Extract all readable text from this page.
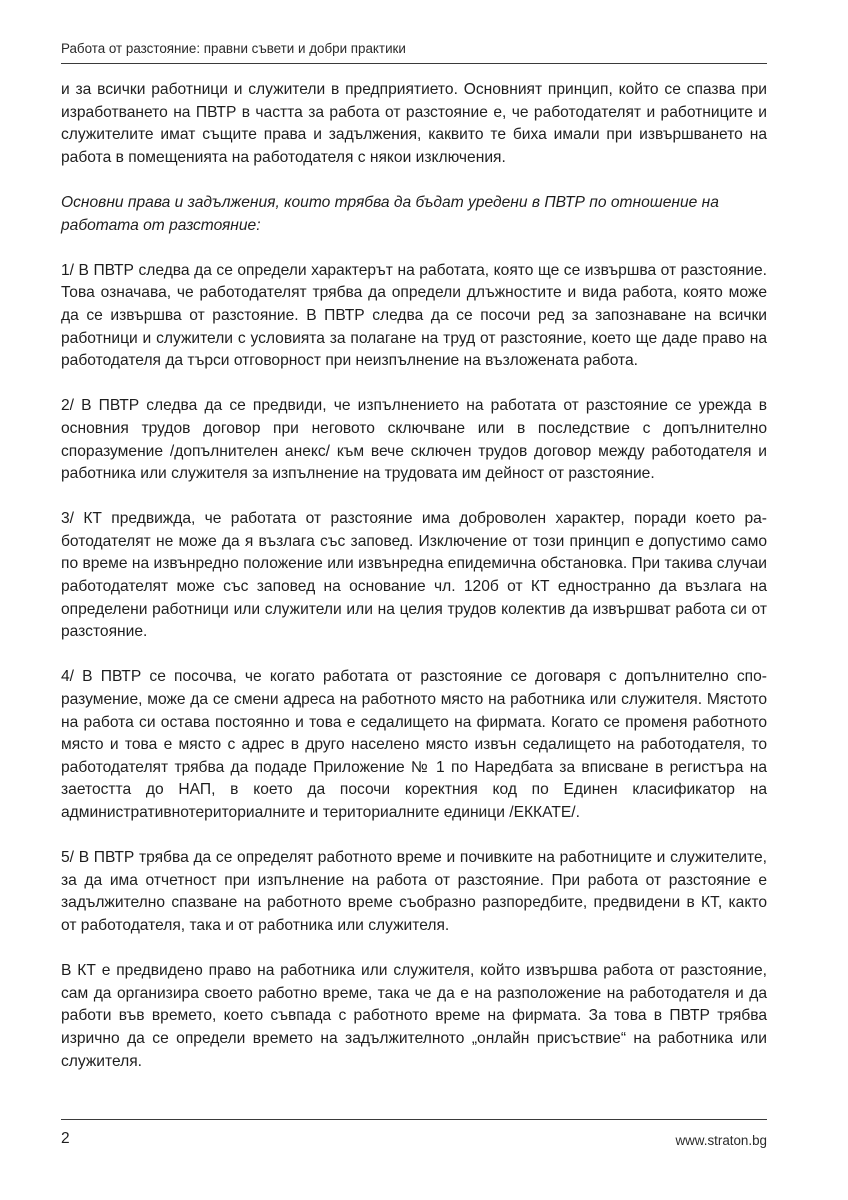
Работа от разстояние: правни съвети и добри практики

и за всички работници и служители в предприятието. Основният принцип, който се спазва при изработването на ПВТР в частта за работа от разстояние е, че работодателят и работниците и служителите имат същите права и задължения, каквито те биха имали при извършването на работа в помещенията на работодателя с някои изключения.

Основни права и задължения, които трябва да бъдат уредени в ПВТР по отношение на работата от разстояние:

1/ В ПВТР следва да се определи характерът на работата, която ще се извършва от разстояние. Това означава, че работодателят трябва да определи длъжностите и вида работа, която може да се извършва от разстояние. В ПВТР следва да се посочи ред за запознаване на всички работници и служители с условията за полагане на труд от разстояние, което ще даде право на работодателя да търси отговорност при неизпълнение на възложената работа.

2/ В ПВТР следва да се предвиди, че изпълнението на работата от разстояние се урежда в основния трудов договор при неговото сключване или в последствие с допълнително споразумение /допълнителен анекс/ към вече сключен трудов договор между работодателя и работника или служителя за изпълнение на трудовата им дейност от разстояние.

3/ КТ предвижда, че работата от разстояние има доброволен характер, поради което работодателят не може да я възлага със заповед. Изключение от този принцип е допустимо само по време на извънредно положение или извънредна епидемична обстановка. При такива случаи работодателят може със заповед на основание чл. 120б от КТ едностранно да възлага на определени работници или служители или на целия трудов колектив да извършват работа си от разстояние.

4/ В ПВТР се посочва, че когато работата от разстояние се договаря с допълнително споразумение, може да се смени адреса на работното място на работника или служителя. Мястото на работа си остава постоянно и това е седалището на фирмата. Когато се променя работното място и това е място с адрес в друго населено място извън седалището на работодателя, то работодателят трябва да подаде Приложение № 1 по Наредбата за вписване в регистъра на заетостта до НАП, в което да посочи коректния код по Единен класификатор на административнотериториалните и териториалните единици /ЕККАТЕ/.

5/ В ПВТР трябва да се определят работното време и почивките на работниците и служителите, за да има отчетност при изпълнение на работа от разстояние. При работа от разстояние е задължително спазване на работното време съобразно разпоредбите, предвидени в КТ, както от работодателя, така и от работника или служителя.

В КТ е предвидено право на работника или служителя, който извършва работа от разстояние, сам да организира своето работно време, така че да е на разположение на работодателя и да работи във времето, което съвпада с работното време на фирмата. За това в ПВТР трябва изрично да се определи времето на задължителното „онлайн присъствие“ на работника или служителя.

2	www.straton.bg
